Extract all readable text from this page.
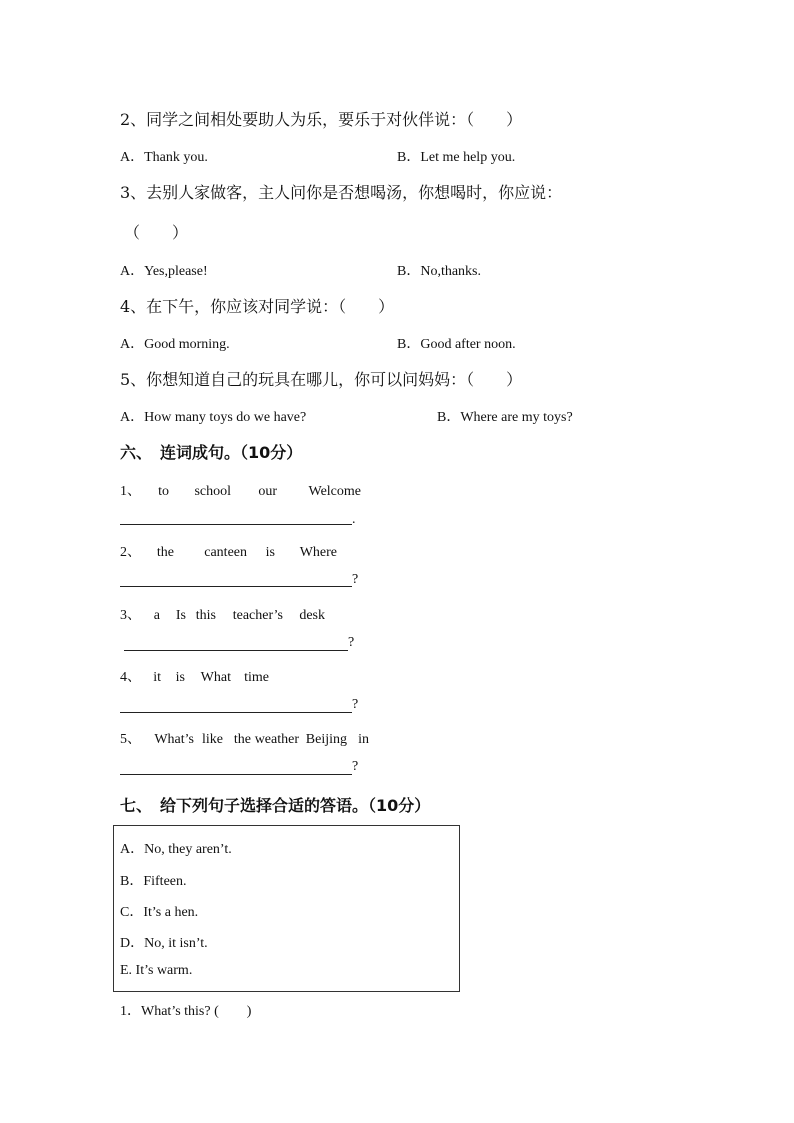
2、同学之间相处要助人为乐，要乐于对伙伴说：（　　）
A．Thank you.	B．Let me help you.
3、去别人家做客，主人问你是否想喝汤，你想喝时，你应说：
（　　）
A．Yes,please!	B．No,thanks.
4、在下午，你应该对同学说：（　　）
A．Good morning.	B．Good after noon.
5、你想知道自己的玩具在哪儿，你可以问妈妈：（　　）
A．How many toys do we have?	B．Where are my toys?
六、　连词成句。（10分）
1、 to school our Welcome
.
2、 the canteen is Where
?
3、 a Is this teacher’s desk
?
4、 it is What time
?
5、 What’s like the weather Beijing in
?
七、　给下列句子选择合适的答语。（10分）
A．No, they aren’t.
B．Fifteen.
C．It’s a hen.
D．No, it isn’t.
E. It’s warm.
1．What’s this? (　　)
